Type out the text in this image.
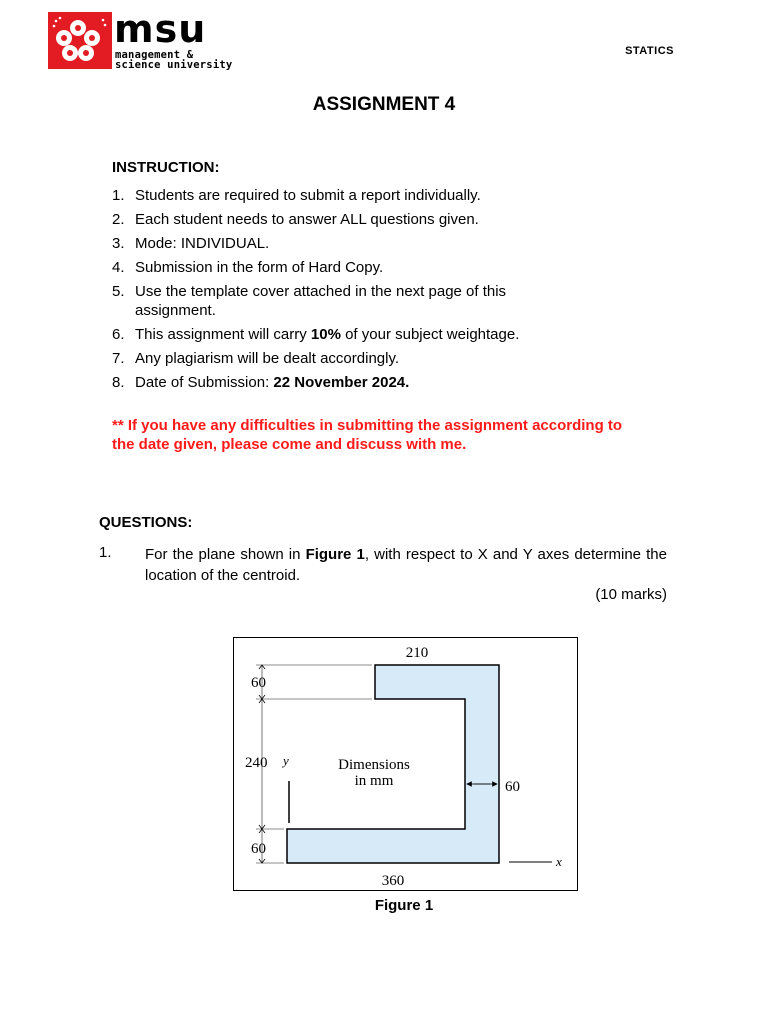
msu
management &
science university
STATICS
ASSIGNMENT 4
INSTRUCTION:
1. Students are required to submit a report individually.
2. Each student needs to answer ALL questions given.
3. Mode: INDIVIDUAL.
4. Submission in the form of Hard Copy.
5. Use the template cover attached in the next page of this assignment.
6. This assignment will carry 10% of your subject weightage.
7. Any plagiarism will be dealt accordingly.
8. Date of Submission: 22 November 2024.
** If you have any difficulties in submitting the assignment according to the date given, please come and discuss with me.
QUESTIONS:
1. For the plane shown in Figure 1, with respect to X and Y axes determine the location of the centroid.
(10 marks)
210
60
240 y	Dimensions
in mm	60
60
360
x
Figure 1
